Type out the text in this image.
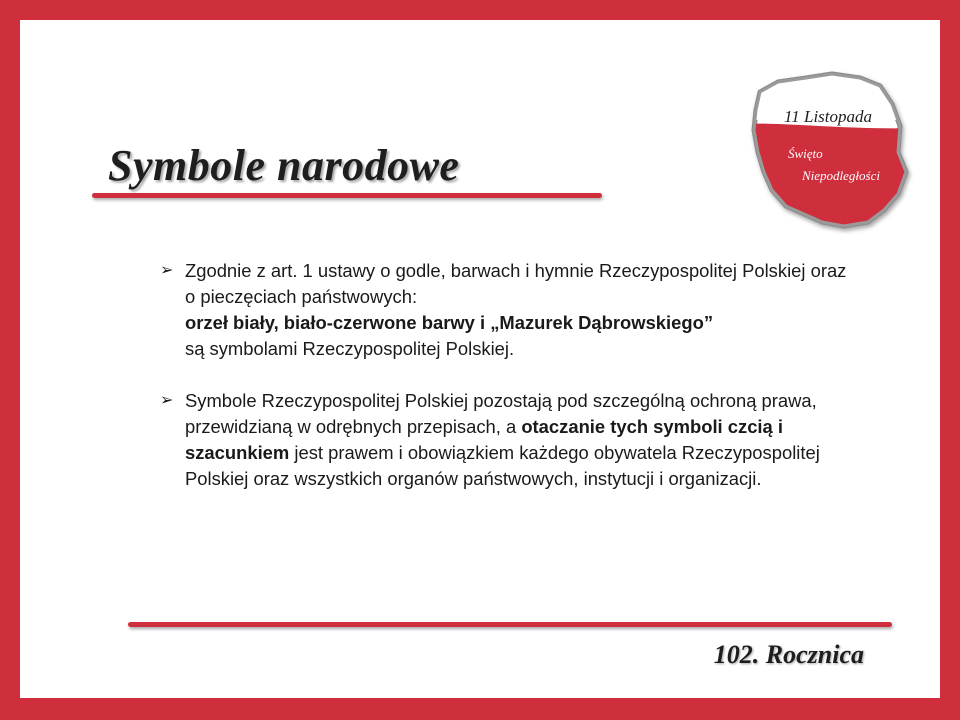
Symbole narodowe
11 Listopada
Święto
Niepodległości
➢ Zgodnie z art. 1 ustawy o godle, barwach i hymnie Rzeczypospolitej Polskiej oraz o pieczęciach państwowych:

orzeł biały, biało-czerwone barwy i „Mazurek Dąbrowskiego”

są symbolami Rzeczypospolitej Polskiej.

➢ Symbole Rzeczypospolitej Polskiej pozostają pod szczególną ochroną prawa, przewidzianą w odrębnych przepisach, a otaczanie tych symboli czcią i szacunkiem jest prawem i obowiązkiem każdego obywatela Rzeczypospolitej Polskiej oraz wszystkich organów państwowych, instytucji i organizacji.

102. Rocznica
